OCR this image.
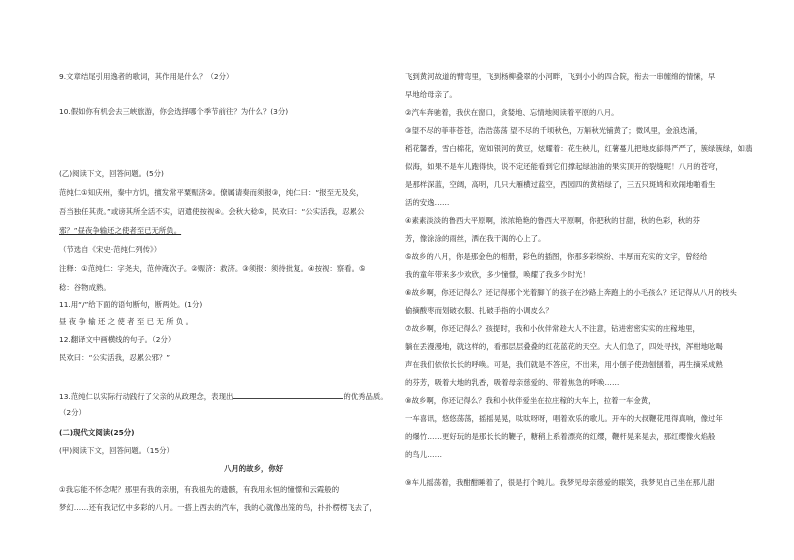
9.文章结尾引用逸者的歌词，其作用是什么？（2分）
10.假如你有机会去三峡旅游，你会选择哪个季节前往？为什么？(3分)
(乙)阅读下文，回答问题。(5分)
范纯仁①知庆州，秦中方饥，擅发常平粟赈济②。僚属请奏而须报③，纯仁曰：“报至无及矣，
吾当独任其责。”或谤其所全活不实，诏遣使按视④。会秋大稔⑤，民欢曰：“公实活我，忍累公
邪？”昼夜争输还之使者至已无所负。
（节选自《宋史·范纯仁列传》）
注释：①范纯仁：字尧夫，范仲淹次子。②赈济：救济。③须报：须待批复。④按视：察看。⑤
稔：谷物成熟。
11.用“/”给下面的语句断句，断两处。(1分)
昼 夜 争 输 还 之 使 者 至 已 无 所 负 。
12.翻译文中画横线的句子。（2分）
民欢曰：“公实活我，忍累公邪？”
13.范纯仁以实际行动践行了父亲的从政理念，表现出	的优秀品质。
（2分）
(二)现代文阅读(25分)
(甲)阅读下文，回答问题。（15分）
八月的故乡，你好
①我忘能不怀念呢？那里有我的亲朋，有我祖先的遗骸，有我用永恒的憧憬和云霞般的
梦幻……还有我记忆中多彩的八月。一搭上西去的汽车，我的心就像出笼的鸟，扑扑楞楞飞去了，
飞到黄河故道的臂弯里，飞到杨柳叠翠的小河畔，飞到小小的四合院，衔去一串缠绵的情愫，早
早地给母亲了。
②汽车奔驰着，我伏在窗口，贪婪地、忘情地阅读着平原的八月。
③望不尽的菲菲苍苍，浩浩荡荡 望不尽的千顷秋色，万斛秋光铺黄了；微风里，金浪迭涌，
稻花馨香，雪白棉花，宽如银河的黄豆，炫耀着：花生秧儿，红薯蔓儿把地皮舔得严严了，簇绿簇绿，如翡
似海，如果不是车儿跑得快，说不定还能看到它们撑起绿油油的果实顶开的裂缝呢！八月的苍穹，
是那样深蓝，空阔，高明，几只大雁横过蓝空，西园四的黄梧绿了，三五只斑鸠和欢闹地啪看生
活的安逸……
④素素淡淡的鲁西大平原啊，浓浓艳艳的鲁西大平原啊，你把秋的甘甜，秋的色彩，秋的芬
芳，像涂涂的雨丝，洒在我干渴的心上了。
⑤故乡的八月，你是那金色的相册，彩色的插图，你那多彩缤纷、丰厚而充实的文字，曾经给
我的童年带来多少欢欣，多少憧憬，唤耀了我多少时光！
⑥故乡啊，你还记得么？还记得那个光着脚丫的孩子在沙路上奔跑上的小毛孩么？还记得从八月的枝头
偷摘酸枣而划破衣服、扎破手指的小调皮么？
⑦故乡啊，你还记得么？孩提时，我和小伙伴常趁大人不注意，钻进密密实实的庄稼地里，
躺在丢漫漫地，就这样的，看那层层叠叠的红花蓝花的天空。大人们急了，四处寻找，浑柑地吆喝
声在我们依依长长的呼唤。可是，我们就是不答应，不出来，用小刨子使劲刨刨着，再生摘采成熟
的芬芳，吸着大地的乳香，吸着母亲慈爱的、带着焦急的呼唤……
⑧故乡啊，你还记得么？我和小伙伴爱坐在拉庄稼的大车上，拉着一车金黄，
一车喜讯，悠悠荡荡，摇摇晃晃，呔呔呀呀，唱着欢乐的歌儿。开车的大叔鞭花甩得真响，像过年
的爆竹……更好玩的是那长长的鞭子，糖稍上系着漂亮的红缨，鞭杆晃来晃去，那红缨像火焰般
的鸟儿……
⑨车儿摇荡着，我酣酣睡着了，很是打个盹儿。我梦见母亲慈爱的眼笑，我梦见自己坐在那儿甜
